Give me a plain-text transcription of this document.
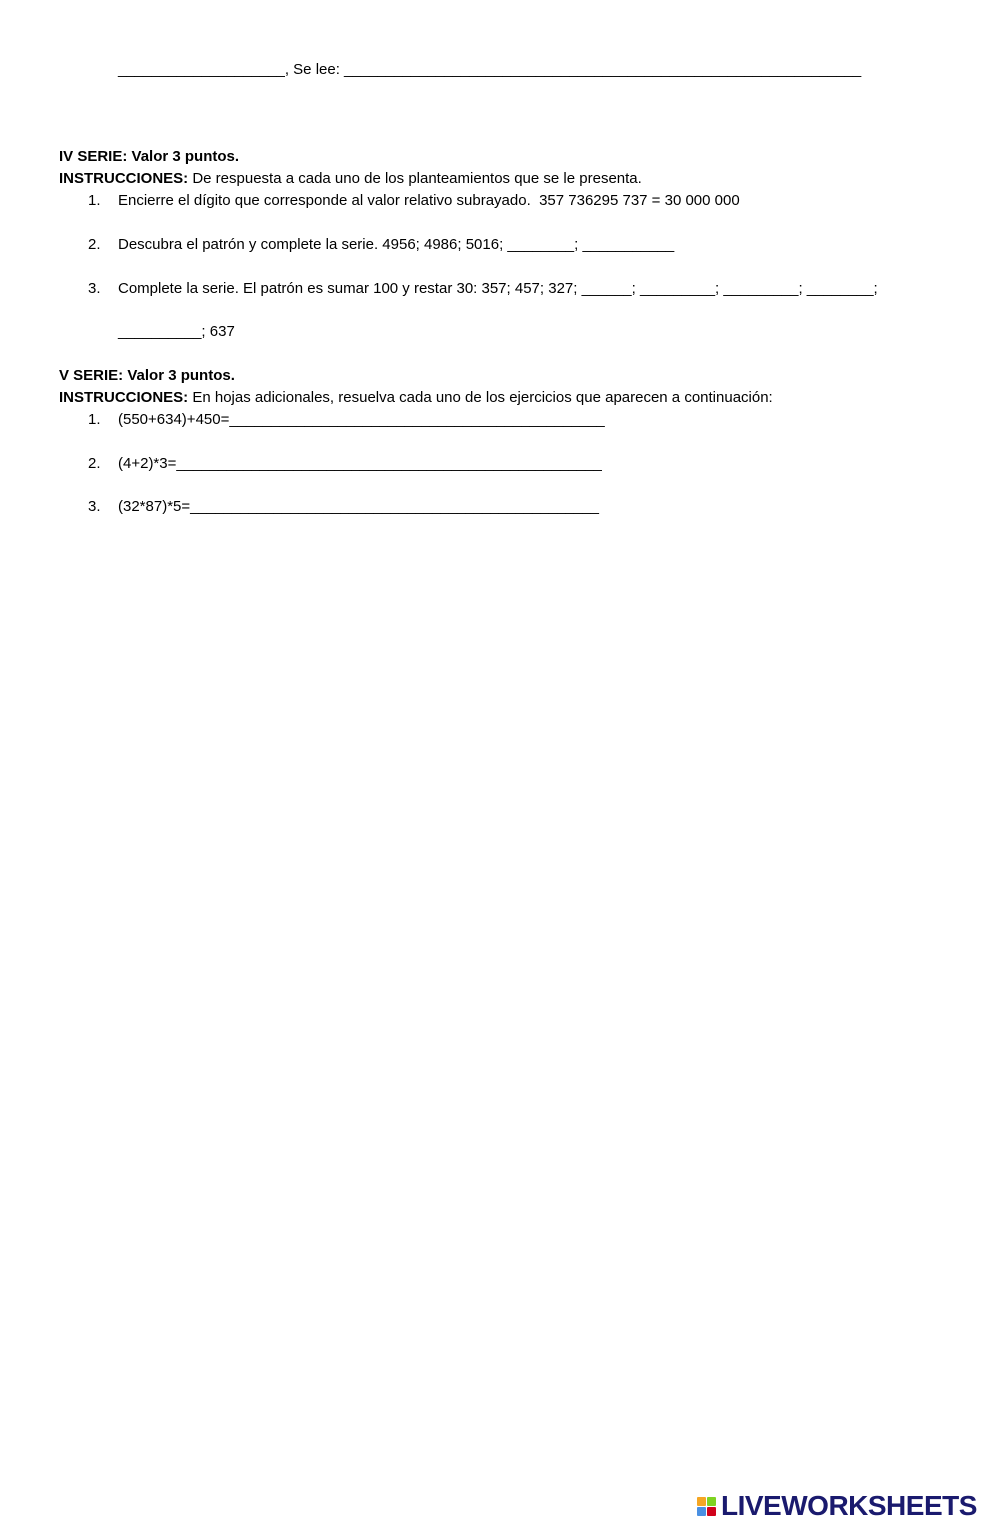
____________________, Se lee: ______________________________________________________________
IV SERIE: Valor 3 puntos.
INSTRUCCIONES: De respuesta a cada uno de los planteamientos que se le presenta.
1. Encierre el dígito que corresponde al valor relativo subrayado.  357 736295 737 = 30 000 000
2. Descubra el patrón y complete la serie. 4956; 4986; 5016; ________; ___________
3. Complete la serie. El patrón es sumar 100 y restar 30: 357; 457; 327; ______; _________; _________; ________;
__________; 637
V SERIE: Valor 3 puntos.
INSTRUCCIONES: En hojas adicionales, resuelva cada uno de los ejercicios que aparecen a continuación:
1. (550+634)+450=_____________________________________________
2. (4+2)*3=___________________________________________________
3. (32*87)*5=_________________________________________________
LIVEWORKSHEETS
